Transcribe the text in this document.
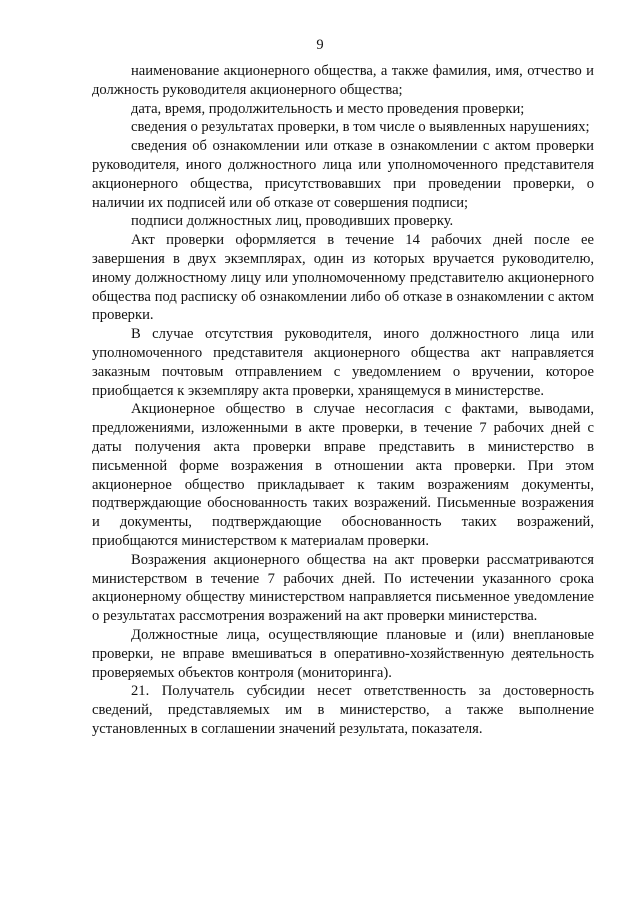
9

наименование акционерного общества, а также фамилия, имя, отчество и должность руководителя акционерного общества;

дата, время, продолжительность и место проведения проверки;

сведения о результатах проверки, в том числе о выявленных нарушениях;

сведения об ознакомлении или отказе в ознакомлении с актом проверки руководителя, иного должностного лица или уполномоченного представителя акционерного общества, присутствовавших при проведении проверки, о наличии их подписей или об отказе от совершения подписи;

подписи должностных лиц, проводивших проверку.

Акт проверки оформляется в течение 14 рабочих дней после ее завершения в двух экземплярах, один из которых вручается руководителю, иному должностному лицу или уполномоченному представителю акционерного общества под расписку об ознакомлении либо об отказе в ознакомлении с актом проверки.

В случае отсутствия руководителя, иного должностного лица или уполномоченного представителя акционерного общества акт направляется заказным почтовым отправлением с уведомлением о вручении, которое приобщается к экземпляру акта проверки, хранящемуся в министерстве.

Акционерное общество в случае несогласия с фактами, выводами, предложениями, изложенными в акте проверки, в течение 7 рабочих дней с даты получения акта проверки вправе представить в министерство в письменной форме возражения в отношении акта проверки. При этом акционерное общество прикладывает к таким возражениям документы, подтверждающие обоснованность таких возражений. Письменные возражения и документы, подтверждающие обоснованность таких возражений, приобщаются министерством к материалам проверки.

Возражения акционерного общества на акт проверки рассматриваются министерством в течение 7 рабочих дней. По истечении указанного срока акционерному обществу министерством направляется письменное уведомление о результатах рассмотрения возражений на акт проверки министерства.

Должностные лица, осуществляющие плановые и (или) внеплановые проверки, не вправе вмешиваться в оперативно-хозяйственную деятельность проверяемых объектов контроля (мониторинга).

21. Получатель субсидии несет ответственность за достоверность сведений, представляемых им в министерство, а также выполнение установленных в соглашении значений результата, показателя.
